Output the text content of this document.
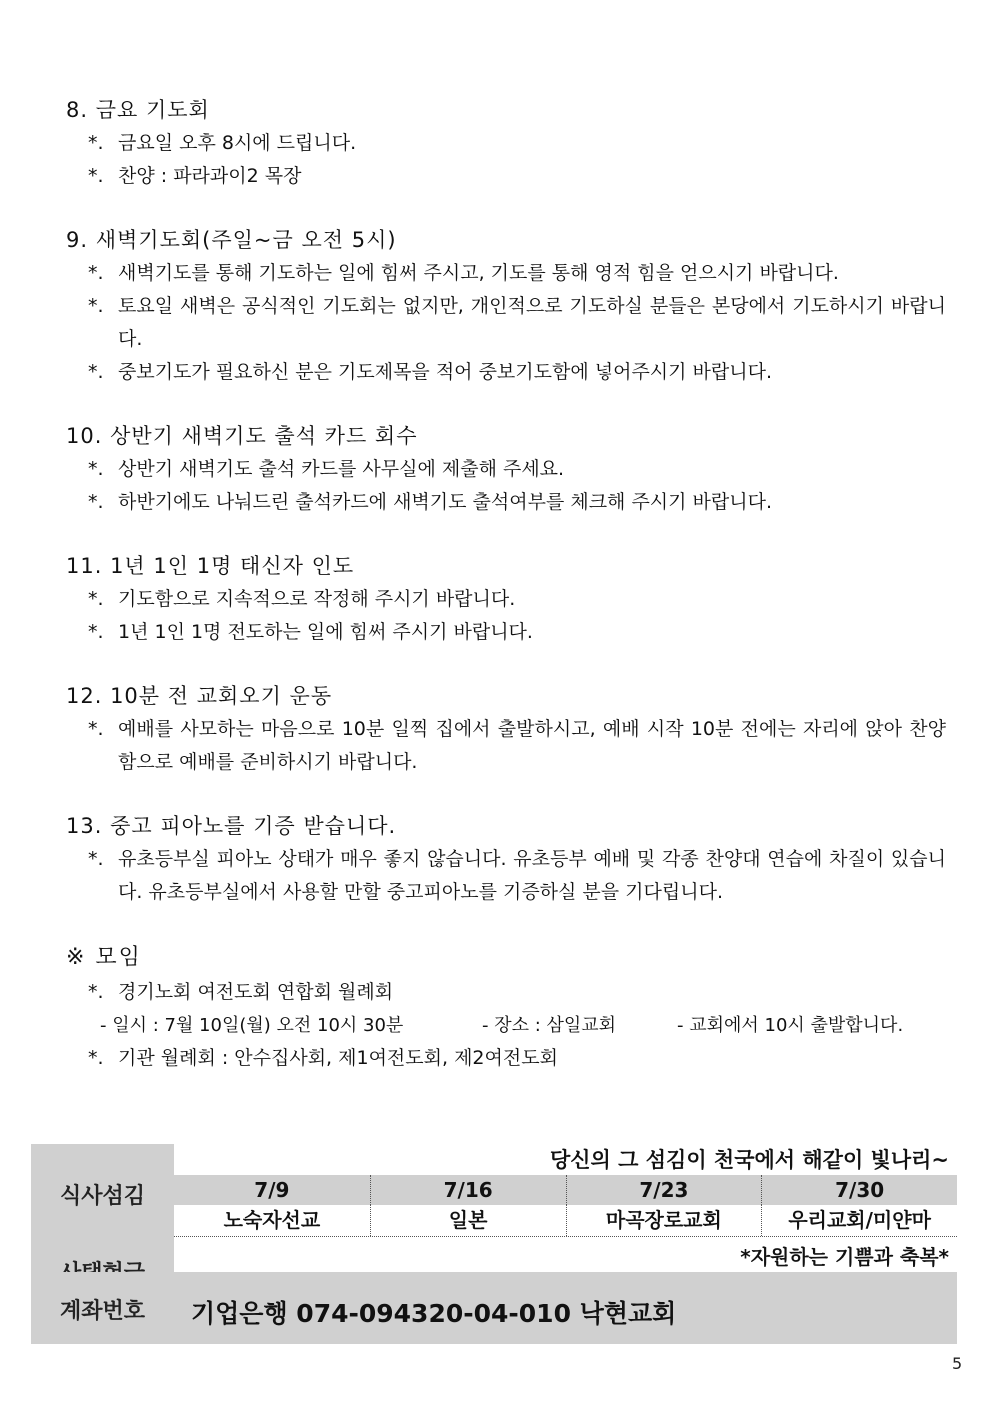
8. 금요 기도회
*. 금요일 오후 8시에 드립니다.
*. 찬양 : 파라과이2 목장
9. 새벽기도회(주일~금 오전 5시)
*. 새벽기도를 통해 기도하는 일에 힘써 주시고, 기도를 통해 영적 힘을 얻으시기 바랍니다.
*. 토요일 새벽은 공식적인 기도회는 없지만, 개인적으로 기도하실 분들은 본당에서 기도하시기 바랍니다.
*. 중보기도가 필요하신 분은 기도제목을 적어 중보기도함에 넣어주시기 바랍니다.
10. 상반기 새벽기도 출석 카드 회수
*. 상반기 새벽기도 출석 카드를 사무실에 제출해 주세요.
*. 하반기에도 나눠드린 출석카드에 새벽기도 출석여부를 체크해 주시기 바랍니다.
11. 1년 1인 1명 태신자 인도
*. 기도함으로 지속적으로 작정해 주시기 바랍니다.
*. 1년 1인 1명 전도하는 일에 힘써 주시기 바랍니다.
12. 10분 전 교회오기 운동
*. 예배를 사모하는 마음으로 10분 일찍 집에서 출발하시고, 예배 시작 10분 전에는 자리에 앉아 찬양함으로 예배를 준비하시기 바랍니다.
13. 중고 피아노를 기증 받습니다.
*. 유초등부실 피아노 상태가 매우 좋지 않습니다. 유초등부 예배 및 각종 찬양대 연습에 차질이 있습니다. 유초등부실에서 사용할 만할 중고피아노를 기증하실 분을 기다립니다.
※ 모임
*. 경기노회 여전도회 연합회 월례회
- 일시 : 7월 10일(월) 오전 10시 30분	- 장소 : 삼일교회	- 교회에서 10시 출발합니다.
*. 기관 월례회 : 안수집사회, 제1여전도회, 제2여전도회
식사섬김
계좌번호
당신의 그 섬김이 천국에서 해같이 빛나리~
7/9	7/16	7/23	7/30
노숙자선교	일본	마곡장로교회	우리교회/미얀마
*자원하는 기쁨과 축복*
기업은행 074-094320-04-010 낙현교회
5
